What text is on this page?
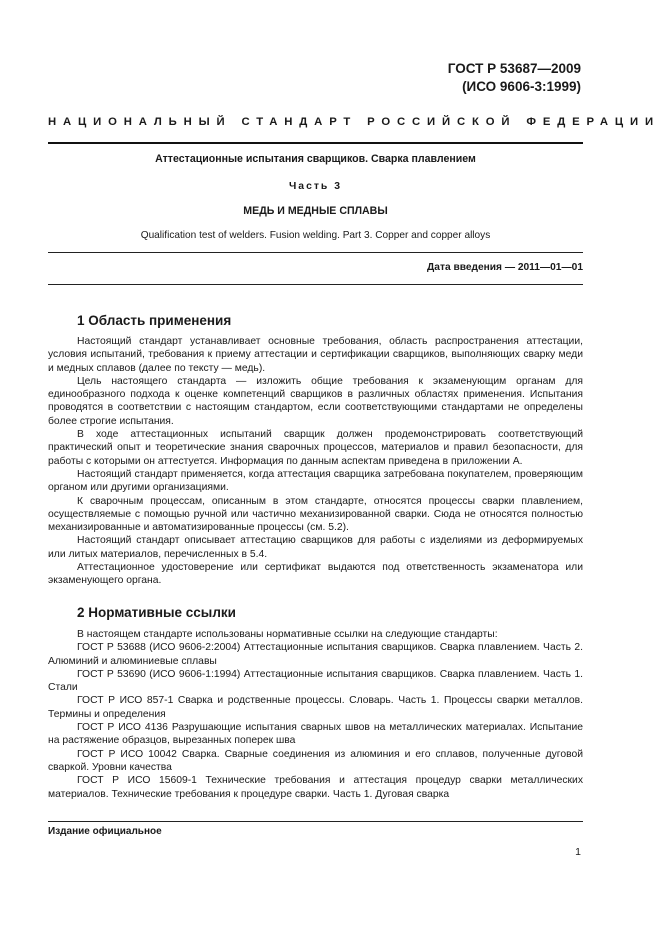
ГОСТ Р 53687—2009
(ИСО 9606-3:1999)
НАЦИОНАЛЬНЫЙ СТАНДАРТ РОССИЙСКОЙ ФЕДЕРАЦИИ
Аттестационные испытания сварщиков. Сварка плавлением
Часть 3
МЕДЬ И МЕДНЫЕ СПЛАВЫ
Qualification test of welders. Fusion welding. Part 3. Copper and copper alloys
Дата введения — 2011—01—01
1 Область применения

Настоящий стандарт устанавливает основные требования, область распространения аттестации, условия испытаний, требования к приему аттестации и сертификации сварщиков, выполняющих сварку меди и медных сплавов (далее по тексту — медь).

Цель настоящего стандарта — изложить общие требования к экзаменующим органам для единообразного подхода к оценке компетенций сварщиков в различных областях применения. Испытания проводятся в соответствии с настоящим стандартом, если соответствующими стандартами не определены более строгие испытания.

В ходе аттестационных испытаний сварщик должен продемонстрировать соответствующий практический опыт и теоретические знания сварочных процессов, материалов и правил безопасности, для работы с которыми он аттестуется. Информация по данным аспектам приведена в приложении А.

Настоящий стандарт применяется, когда аттестация сварщика затребована покупателем, проверяющим органом или другими организациями.

К сварочным процессам, описанным в этом стандарте, относятся процессы сварки плавлением, осуществляемые с помощью ручной или частично механизированной сварки. Сюда не относятся полностью механизированные и автоматизированные процессы (см. 5.2).

Настоящий стандарт описывает аттестацию сварщиков для работы с изделиями из деформируемых или литых материалов, перечисленных в 5.4.

Аттестационное удостоверение или сертификат выдаются под ответственность экзаменатора или экзаменующего органа.

2 Нормативные ссылки

В настоящем стандарте использованы нормативные ссылки на следующие стандарты:

ГОСТ Р 53688 (ИСО 9606-2:2004) Аттестационные испытания сварщиков. Сварка плавлением. Часть 2. Алюминий и алюминиевые сплавы

ГОСТ Р 53690 (ИСО 9606-1:1994) Аттестационные испытания сварщиков. Сварка плавлением. Часть 1. Стали

ГОСТ Р ИСО 857-1 Сварка и родственные процессы. Словарь. Часть 1. Процессы сварки металлов. Термины и определения

ГОСТ Р ИСО 4136 Разрушающие испытания сварных швов на металлических материалах. Испытание на растяжение образцов, вырезанных поперек шва

ГОСТ Р ИСО 10042 Сварка. Сварные соединения из алюминия и его сплавов, полученные дуговой сваркой. Уровни качества

ГОСТ Р ИСО 15609-1 Технические требования и аттестация процедур сварки металлических материалов. Технические требования к процедуре сварки. Часть 1. Дуговая сварка

Издание официальное
1
